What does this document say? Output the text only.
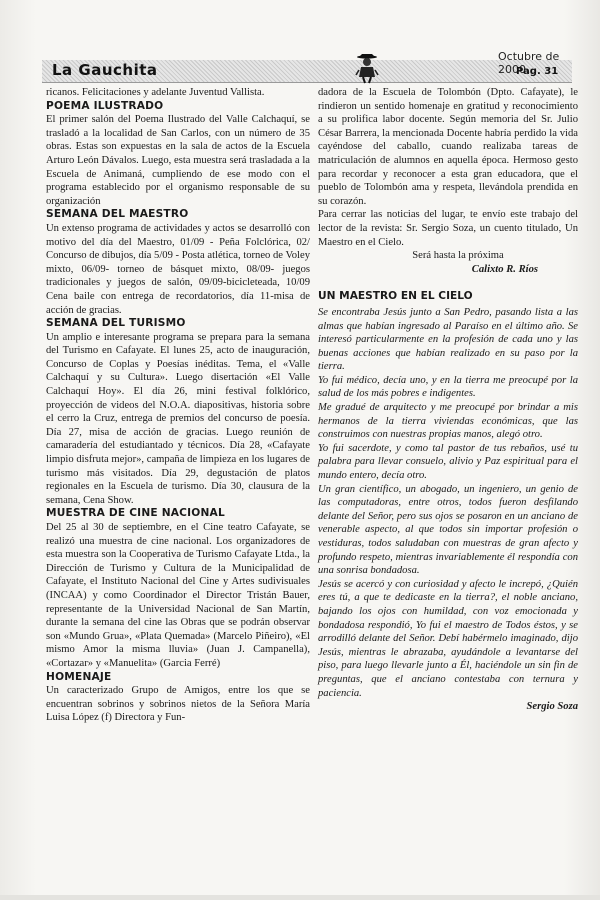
La Gauchita
Octubre de 2000
Pag. 31

ricanos. Felicitaciones y adelante Juventud Vallista.

POEMA ILUSTRADO

El primer salón del Poema Ilustrado del Valle Calchaquí, se trasladó a la localidad de San Carlos, con un número de 35 obras. Estas son expuestas en la sala de actos de la Escuela Arturo León Dávalos. Luego, esta muestra será trasladada a la Escuela de Animaná, cumpliendo de ese modo con el programa establecido por el organismo responsable de su organización

SEMANA DEL MAESTRO

Un extenso programa de actividades y actos se desarrolló con motivo del día del Maestro, 01/09 - Peña Folclórica, 02/ Concurso de dibujos, día 5/09 - Posta atlética, torneo de Voley mixto, 06/09- torneo de básquet mixto, 08/09- juegos tradicionales y juegos de salón, 09/09-bicicleteada, 10/09 Cena baile con entrega de recordatorios, día 11-misa de acción de gracias.

SEMANA DEL TURISMO

Un amplio e interesante programa se prepara para la semana del Turismo en Cafayate. El lunes 25, acto de inauguración, Concurso de Coplas y Poesías inéditas. Tema, el «Valle Calchaquí y su Cultura». Luego disertación «El Valle Calchaquí Hoy». El día 26, mini festival folklórico, proyección de videos del N.O.A. diapositivas, historia sobre el cerro la Cruz, entrega de premios del concurso de poesía. Día 27, misa de acción de gracias. Luego reunión de camaradería del estudiantado y técnicos. Día 28, «Cafayate limpio disfruta mejor», campaña de limpieza en los lugares de turismo más visitados. Día 29, degustación de platos regionales en la Escuela de turismo. Día 30, clausura de la semana, Cena Show.

MUESTRA DE CINE NACIONAL

Del 25 al 30 de septiembre, en el Cine teatro Cafayate, se realizó una muestra de cine nacional. Los organizadores de esta muestra son la Cooperativa de Turismo Cafayate Ltda., la Dirección de Turismo y Cultura de la Municipalidad de Cafayate, el Instituto Nacional del Cine y Artes sudivisuales (INCAA) y como Coordinador el Director Tristán Bauer, representante de la Universidad Nacional de San Martín, durante la semana del cine las Obras que se podrán observar son «Mundo Grua», «Plata Quemada» (Marcelo Piñeiro), «El mismo Amor la misma lluvia» (Juan J. Campanella), «Cortazar» y «Manuelita» (Garcia Ferré)

HOMENAJE

Un caracterizado Grupo de Amigos, entre los que se encuentran sobrinos y sobrinos nietos de la Señora María Luisa López (f) Directora y Fun-

dadora de la Escuela de Tolombón (Dpto. Cafayate), le rindieron un sentido homenaje en gratitud y reconocimiento a su prolifica labor docente. Según memoria del Sr. Julio César Barrera, la mencionada Docente habría perdido la vida cayéndose del caballo, cuando realizaba tareas de matriculación de alumnos en aquella época. Hermoso gesto para recordar y reconocer a esta gran educadora, que el pueblo de Tolombón ama y respeta, llevándola prendida en su corazón.

Para cerrar las noticias del lugar, te envío este trabajo del lector de la revista: Sr. Sergio Soza, un cuento titulado, Un Maestro en el Cielo.

Será hasta la próxima

Calixto R. Ríos

UN MAESTRO EN EL CIELO

Se encontraba Jesús junto a San Pedro, pasando lista a las almas que habían ingresado al Paraíso en el último año. Se interesó particularmente en la profesión de cada uno y las buenas acciones que habían realizado en su paso por la tierra.

Yo fui médico, decía uno, y en la tierra me preocupé por la salud de los más pobres e indigentes.

Me gradué de arquitecto y me preocupé por brindar a mis hermanos de la tierra viviendas económicas, que las construimos con nuestras propias manos, alegó otro.

Yo fui sacerdote, y como tal pastor de tus rebaños, usé tu palabra para llevar consuelo, alivio y Paz espiritual para el mundo entero, decía otro.

Un gran científico, un abogado, un ingeniero, un genio de las computadoras, entre otros, todos fueron desfilando delante del Señor, pero sus ojos se posaron en un anciano de venerable aspecto, al que todos sin importar profesión o vestiduras, todos saludaban con muestras de gran afecto y profundo respeto, mientras invariablemente él respondía con una sonrisa bondadosa.

Jesús se acercó y con curiosidad y afecto le increpó, ¿Quién eres tú, a que te dedicaste en la tierra?, el noble anciano, bajando los ojos con humildad, con voz emocionada y bondadosa respondió, Yo fui el maestro de Todos éstos, y se arrodilló delante del Señor. Debí habérmelo imaginado, dijo Jesús, mientras le abrazaba, ayudándole a levantarse del piso, para luego llevarle junto a Él, haciéndole un sin fin de preguntas, que el anciano contestaba con ternura y paciencia.

Sergio Soza
